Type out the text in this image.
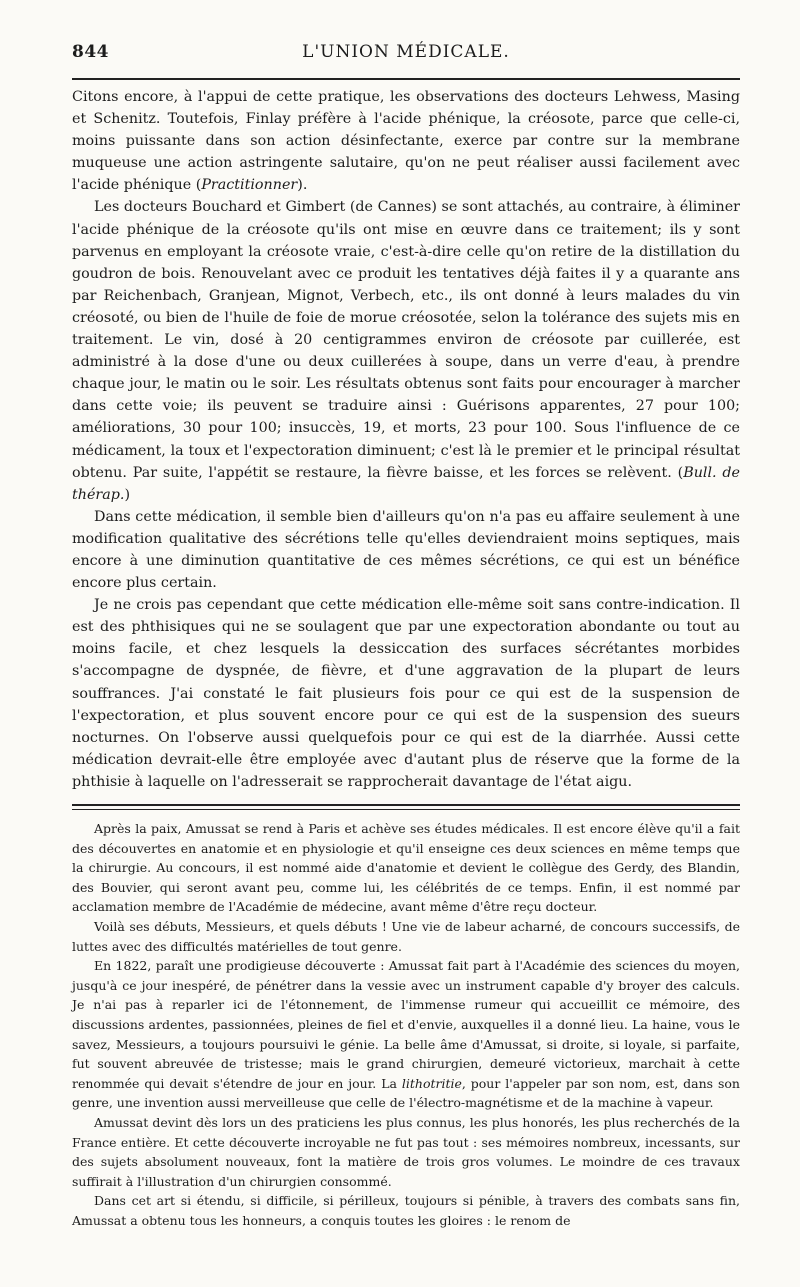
844	L'UNION MÉDICALE.

Citons encore, à l'appui de cette pratique, les observations des docteurs Lehwess, Masing et Schenitz. Toutefois, Finlay préfère à l'acide phénique, la créosote, parce que celle-ci, moins puissante dans son action désinfectante, exerce par contre sur la membrane muqueuse une action astringente salutaire, qu'on ne peut réaliser aussi facilement avec l'acide phénique (Practitionner).

Les docteurs Bouchard et Gimbert (de Cannes) se sont attachés, au contraire, à éliminer l'acide phénique de la créosote qu'ils ont mise en œuvre dans ce traitement; ils y sont parvenus en employant la créosote vraie, c'est-à-dire celle qu'on retire de la distillation du goudron de bois. Renouvelant avec ce produit les tentatives déjà faites il y a quarante ans par Reichenbach, Granjean, Mignot, Verbech, etc., ils ont donné à leurs malades du vin créosoté, ou bien de l'huile de foie de morue créosotée, selon la tolérance des sujets mis en traitement. Le vin, dosé à 20 centigrammes environ de créosote par cuillerée, est administré à la dose d'une ou deux cuillerées à soupe, dans un verre d'eau, à prendre chaque jour, le matin ou le soir. Les résultats obtenus sont faits pour encourager à marcher dans cette voie; ils peuvent se traduire ainsi : Guérisons apparentes, 27 pour 100; améliorations, 30 pour 100; insuccès, 19, et morts, 23 pour 100. Sous l'influence de ce médicament, la toux et l'expectoration diminuent; c'est là le premier et le principal résultat obtenu. Par suite, l'appétit se restaure, la fièvre baisse, et les forces se relèvent. (Bull. de thérap.)

Dans cette médication, il semble bien d'ailleurs qu'on n'a pas eu affaire seulement à une modification qualitative des sécrétions telle qu'elles deviendraient moins septiques, mais encore à une diminution quantitative de ces mêmes sécrétions, ce qui est un bénéfice encore plus certain.

Je ne crois pas cependant que cette médication elle-même soit sans contre-indication. Il est des phthisiques qui ne se soulagent que par une expectoration abondante ou tout au moins facile, et chez lesquels la dessiccation des surfaces sécrétantes morbides s'accompagne de dyspnée, de fièvre, et d'une aggravation de la plupart de leurs souffrances. J'ai constaté le fait plusieurs fois pour ce qui est de la suspension de l'expectoration, et plus souvent encore pour ce qui est de la suspension des sueurs nocturnes. On l'observe aussi quelquefois pour ce qui est de la diarrhée. Aussi cette médication devrait-elle être employée avec d'autant plus de réserve que la forme de la phthisie à laquelle on l'adresserait se rapprocherait davantage de l'état aigu.

Après la paix, Amussat se rend à Paris et achève ses études médicales. Il est encore élève qu'il a fait des découvertes en anatomie et en physiologie et qu'il enseigne ces deux sciences en même temps que la chirurgie. Au concours, il est nommé aide d'anatomie et devient le collègue des Gerdy, des Blandin, des Bouvier, qui seront avant peu, comme lui, les célébrités de ce temps. Enfin, il est nommé par acclamation membre de l'Académie de médecine, avant même d'être reçu docteur.

Voilà ses débuts, Messieurs, et quels débuts ! Une vie de labeur acharné, de concours successifs, de luttes avec des difficultés matérielles de tout genre.

En 1822, paraît une prodigieuse découverte : Amussat fait part à l'Académie des sciences du moyen, jusqu'à ce jour inespéré, de pénétrer dans la vessie avec un instrument capable d'y broyer des calculs. Je n'ai pas à reparler ici de l'étonnement, de l'immense rumeur qui accueillit ce mémoire, des discussions ardentes, passionnées, pleines de fiel et d'envie, auxquelles il a donné lieu. La haine, vous le savez, Messieurs, a toujours poursuivi le génie. La belle âme d'Amussat, si droite, si loyale, si parfaite, fut souvent abreuvée de tristesse; mais le grand chirurgien, demeuré victorieux, marchait à cette renommée qui devait s'étendre de jour en jour. La lithotritie, pour l'appeler par son nom, est, dans son genre, une invention aussi merveilleuse que celle de l'électro-magnétisme et de la machine à vapeur.

Amussat devint dès lors un des praticiens les plus connus, les plus honorés, les plus recherchés de la France entière. Et cette découverte incroyable ne fut pas tout : ses mémoires nombreux, incessants, sur des sujets absolument nouveaux, font la matière de trois gros volumes. Le moindre de ces travaux suffirait à l'illustration d'un chirurgien consommé.

Dans cet art si étendu, si difficile, si périlleux, toujours si pénible, à travers des combats sans fin, Amussat a obtenu tous les honneurs, a conquis toutes les gloires : le renom de
